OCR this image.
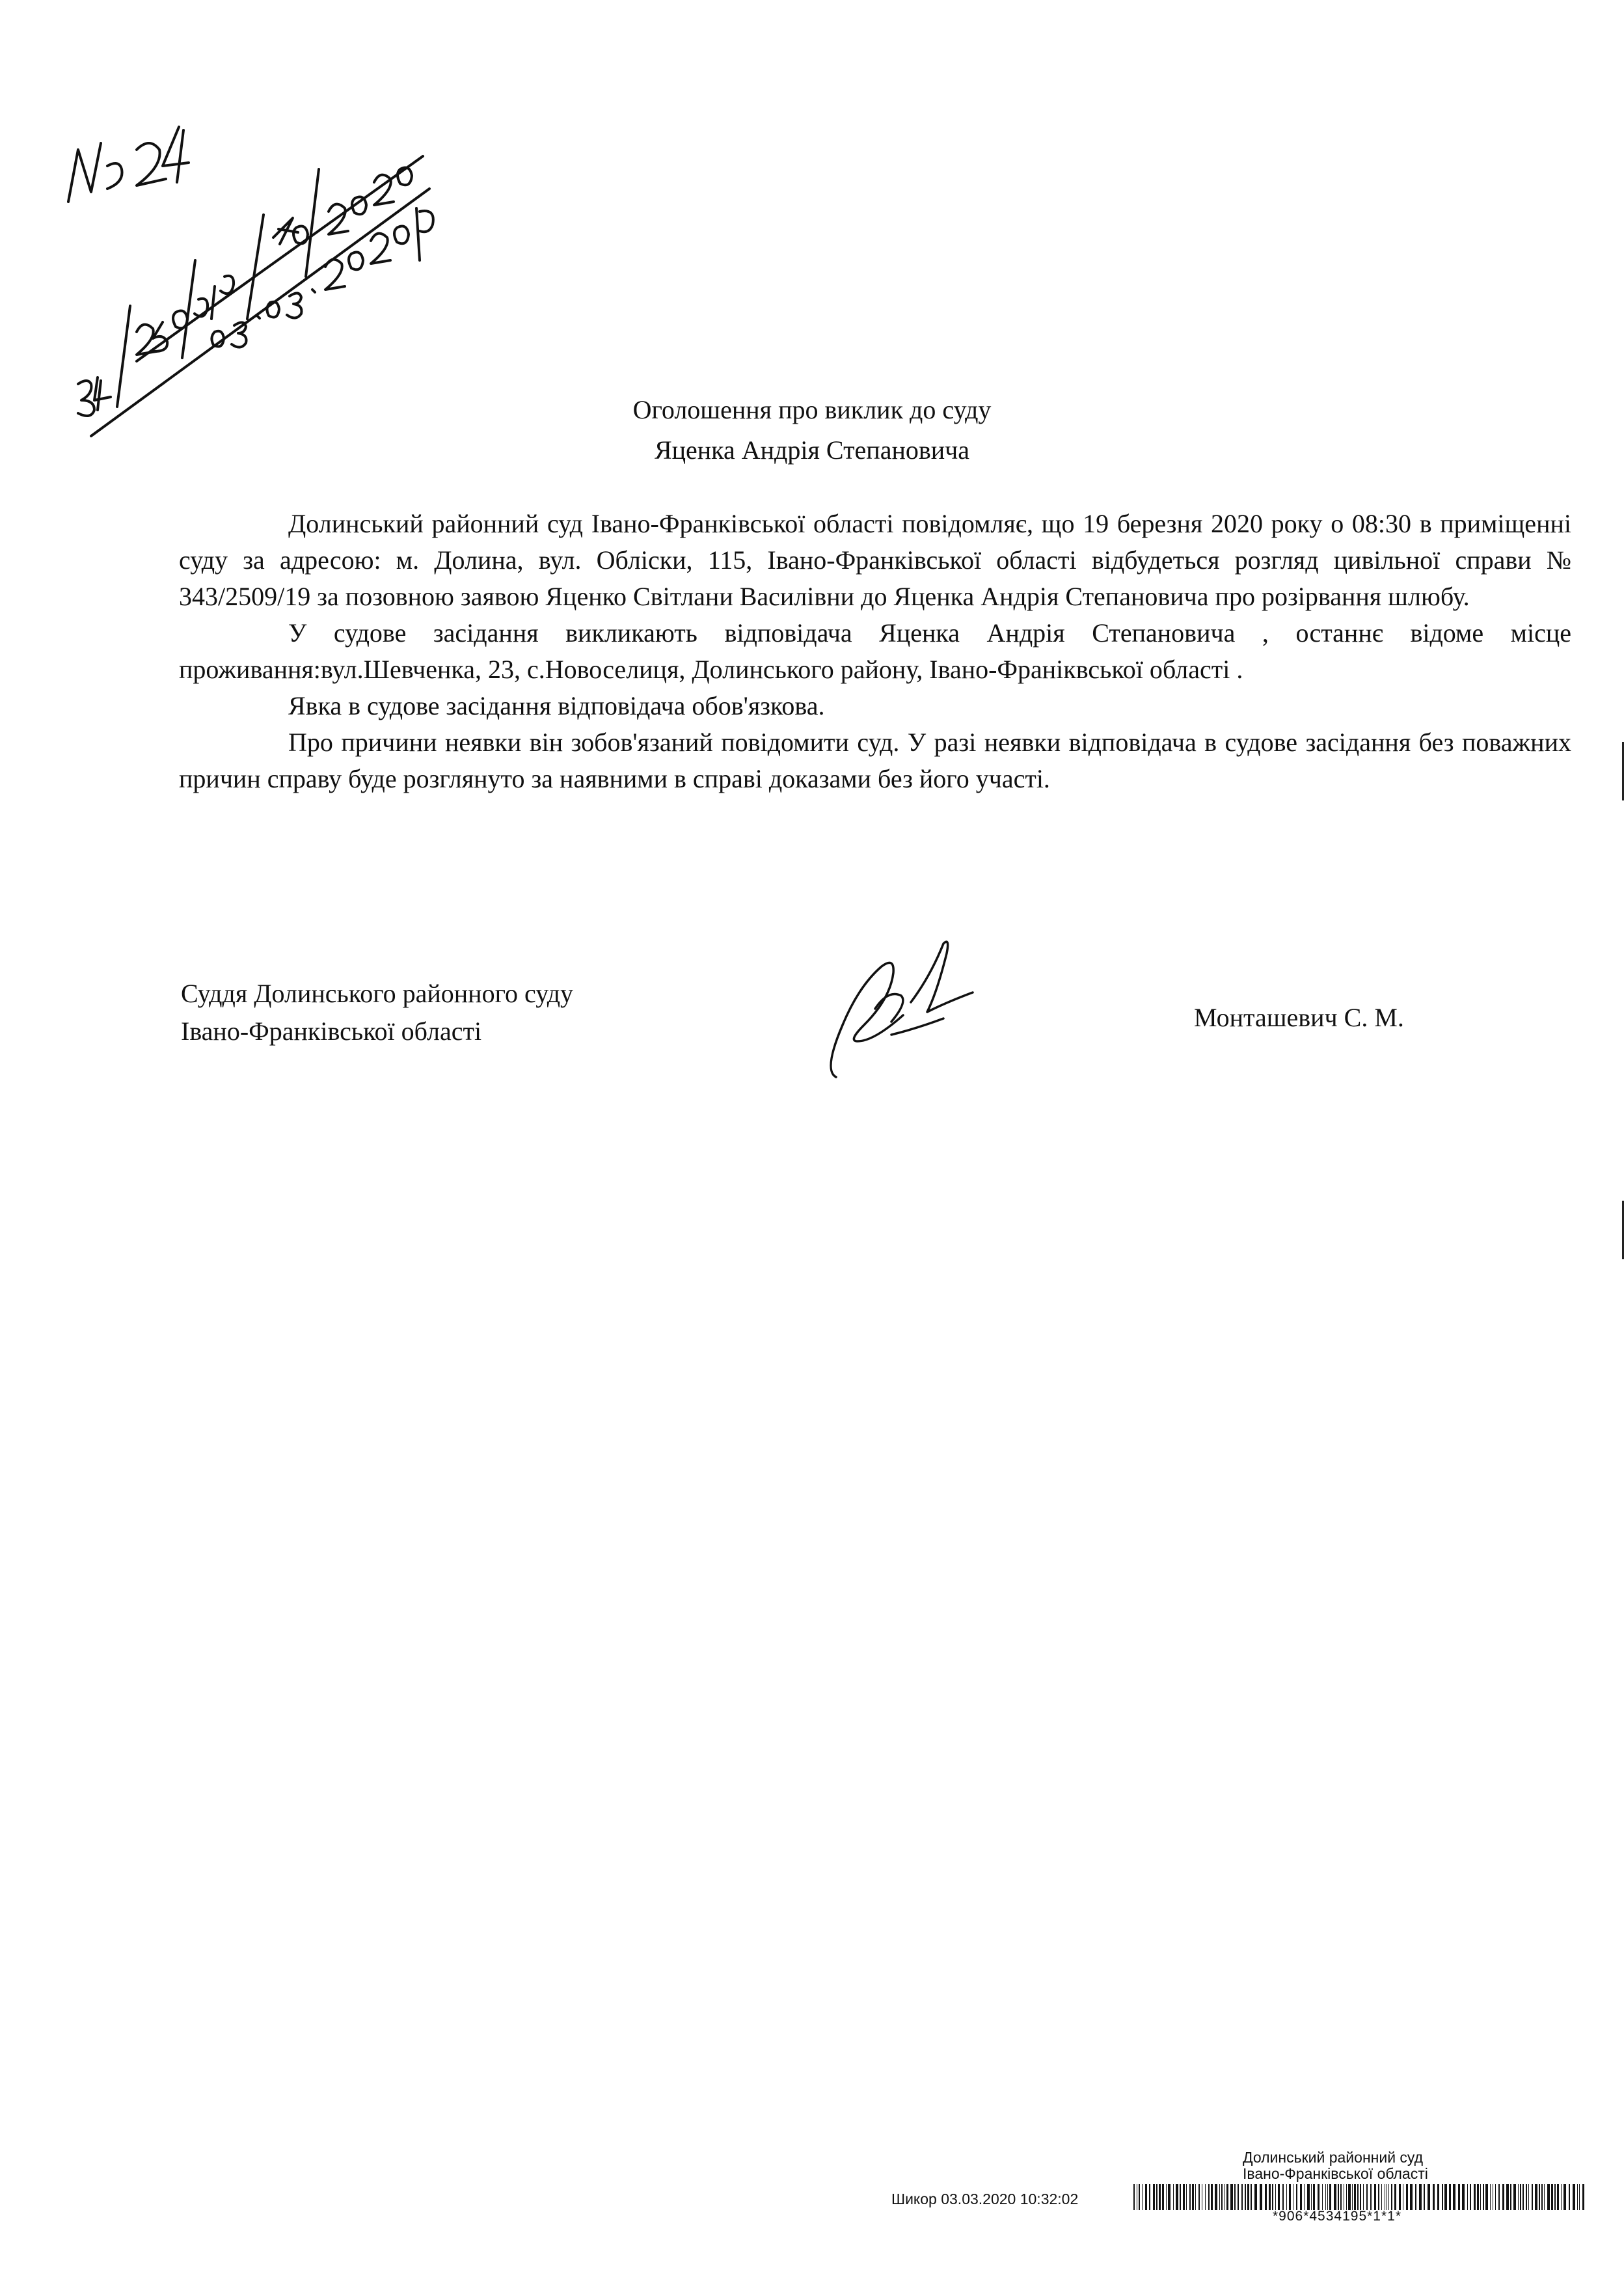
Оголошення про виклик до суду
Яценка Андрія Степановича

Долинський районний суд Івано-Франківської області повідомляє, що 19 березня 2020 року о 08:30 в приміщенні суду за адресою: м. Долина, вул. Обліски, 115, Івано-Франківської області відбудеться розгляд цивільної справи № 343/2509/19 за позовною заявою Яценко Світлани Василівни до Яценка Андрія Степановича про розірвання шлюбу.

У судове засідання викликають відповідача Яценка Андрія Степановича , останнє відоме місце проживання:вул.Шевченка, 23, с.Новоселиця, Долинського району, Івано-Франіквської області .

Явка в судове засідання відповідача обов'язкова.

Про причини неявки він зобов'язаний повідомити суд. У разі неявки відповідача в судове засідання без поважних причин справу буде розглянуто за наявними в справі доказами без його участі.

Суддя Долинського районного суду
Івано-Франківської області	Монташевич С. М.
Долинський районний суд
Івано-Франківської області
Шикор 03.03.2020 10:32:02
*906*4534195*1*1*
